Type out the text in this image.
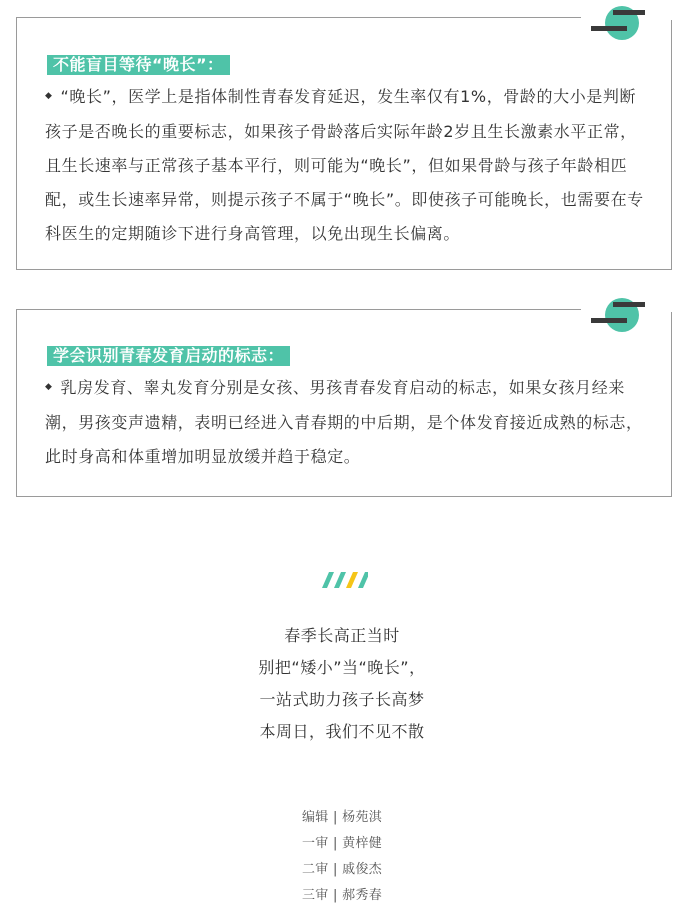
不能盲目等待“晚长”：

◆ “晚长”，医学上是指体制性青春发育延迟，发生率仅有1%，骨龄的大小是判断孩子是否晚长的重要标志，如果孩子骨龄落后实际年龄2岁且生长激素水平正常，且生长速率与正常孩子基本平行，则可能为“晚长”，但如果骨龄与孩子年龄相匹配，或生长速率异常，则提示孩子不属于“晚长”。即使孩子可能晚长，也需要在专科医生的定期随诊下进行身高管理，以免出现生长偏离。

学会识别青春发育启动的标志：

◆ 乳房发育、睾丸发育分别是女孩、男孩青春发育启动的标志，如果女孩月经来潮，男孩变声遗精，表明已经进入青春期的中后期，是个体发育接近成熟的标志，此时身高和体重增加明显放缓并趋于稳定。

春季长高正当时
别把“矮小”当“晚长”，
一站式助力孩子长高梦
本周日，我们不见不散
编辑 | 杨苑淇
一审 | 黄梓健
二审 | 戚俊杰
三审 | 郝秀春
